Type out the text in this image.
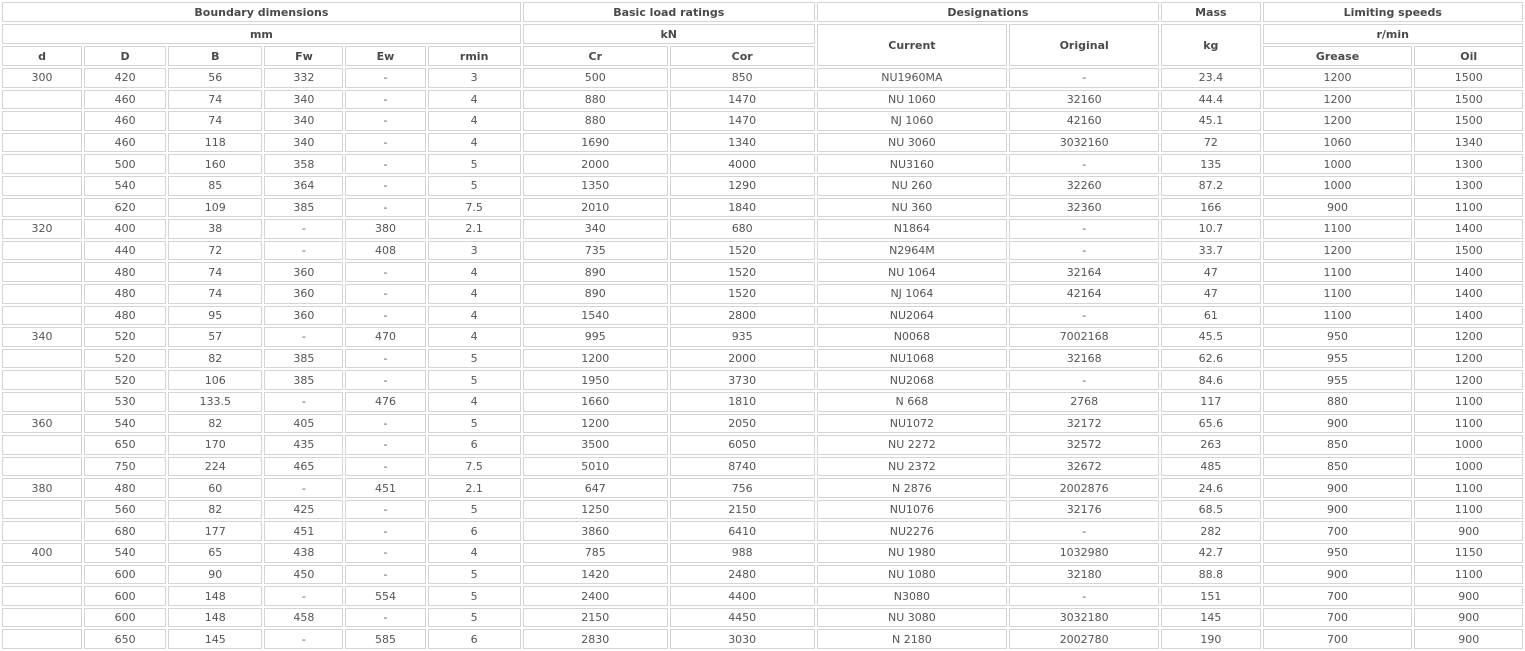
Boundary dimensions						Basic load ratings		Designations		Mass	Limiting speeds	
mm						kN		Current	Original	kg	r/min	
d	D	B	Fw	Ew	rmin	Cr	Cor				Grease	Oil
300	420	56	332	-	3	500	850	NU1960MA	-	23.4	1200	1500
	460	74	340	-	4	880	1470	NU 1060	32160	44.4	1200	1500
	460	74	340	-	4	880	1470	NJ 1060	42160	45.1	1200	1500
	460	118	340	-	4	1690	1340	NU 3060	3032160	72	1060	1340
	500	160	358	-	5	2000	4000	NU3160	-	135	1000	1300
	540	85	364	-	5	1350	1290	NU 260	32260	87.2	1000	1300
	620	109	385	-	7.5	2010	1840	NU 360	32360	166	900	1100
320	400	38	-	380	2.1	340	680	N1864	-	10.7	1100	1400
	440	72	-	408	3	735	1520	N2964M	-	33.7	1200	1500
	480	74	360	-	4	890	1520	NU 1064	32164	47	1100	1400
	480	74	360	-	4	890	1520	NJ 1064	42164	47	1100	1400
	480	95	360	-	4	1540	2800	NU2064	-	61	1100	1400
340	520	57	-	470	4	995	935	N0068	7002168	45.5	950	1200
	520	82	385	-	5	1200	2000	NU1068	32168	62.6	955	1200
	520	106	385	-	5	1950	3730	NU2068	-	84.6	955	1200
	530	133.5	-	476	4	1660	1810	N 668	2768	117	880	1100
360	540	82	405	-	5	1200	2050	NU1072	32172	65.6	900	1100
	650	170	435	-	6	3500	6050	NU 2272	32572	263	850	1000
	750	224	465	-	7.5	5010	8740	NU 2372	32672	485	850	1000
380	480	60	-	451	2.1	647	756	N 2876	2002876	24.6	900	1100
	560	82	425	-	5	1250	2150	NU1076	32176	68.5	900	1100
	680	177	451	-	6	3860	6410	NU2276	-	282	700	900
400	540	65	438	-	4	785	988	NU 1980	1032980	42.7	950	1150
	600	90	450	-	5	1420	2480	NU 1080	32180	88.8	900	1100
	600	148	-	554	5	2400	4400	N3080	-	151	700	900
	600	148	458	-	5	2150	4450	NU 3080	3032180	145	700	900
	650	145	-	585	6	2830	3030	N 2180	2002780	190	700	900
